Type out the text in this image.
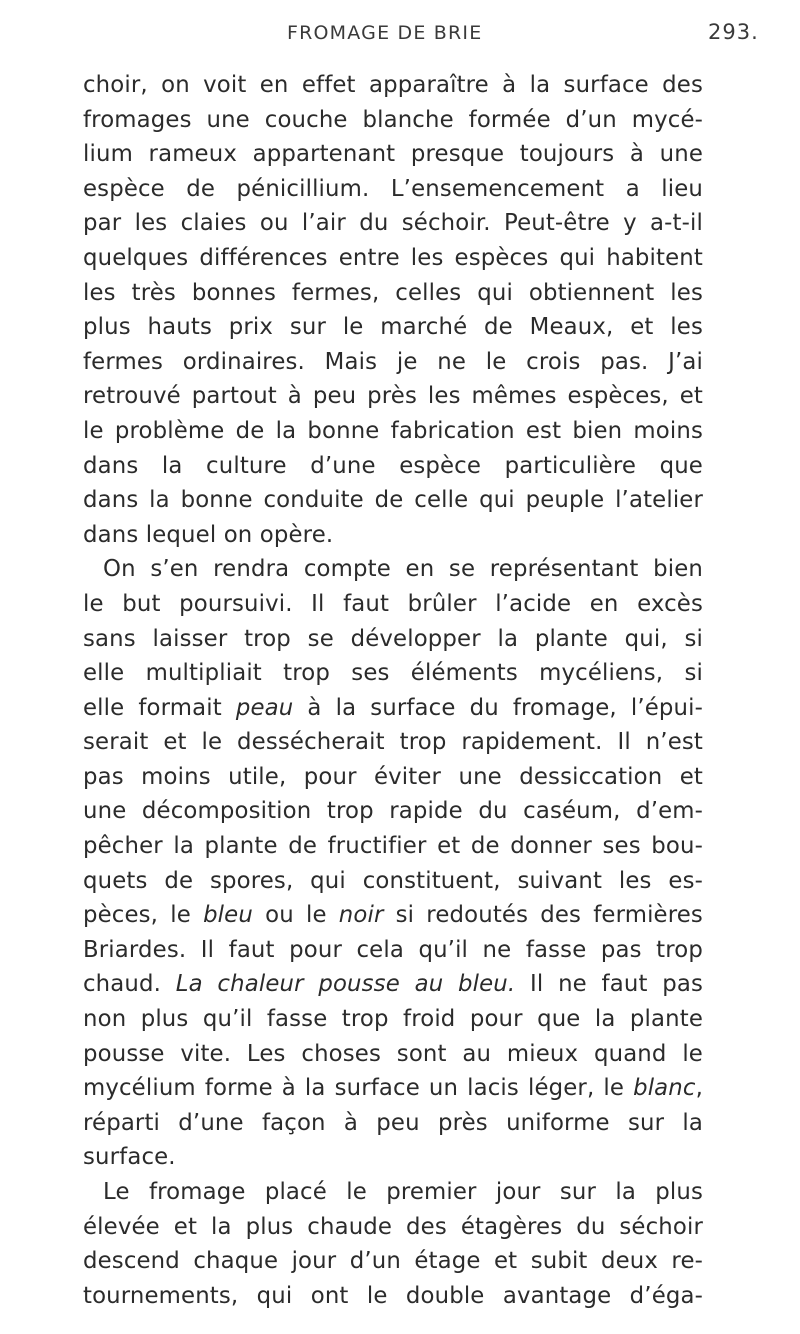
FROMAGE DE BRIE	293.
choir, on voit en effet apparaître à la surface des
fromages une couche blanche formée d’un mycé-
lium rameux appartenant presque toujours à une
espèce de pénicillium. L’ensemencement a lieu
par les claies ou l’air du séchoir. Peut-être y a-t-il
quelques différences entre les espèces qui habitent
les très bonnes fermes, celles qui obtiennent les
plus hauts prix sur le marché de Meaux, et les
fermes ordinaires. Mais je ne le crois pas. J’ai
retrouvé partout à peu près les mêmes espèces, et
le problème de la bonne fabrication est bien moins
dans la culture d’une espèce particulière que
dans la bonne conduite de celle qui peuple l’atelier
dans lequel on opère.
On s’en rendra compte en se représentant bien
le but poursuivi. Il faut brûler l’acide en excès
sans laisser trop se développer la plante qui, si
elle multipliait trop ses éléments mycéliens, si
elle formait peau à la surface du fromage, l’épui-
serait et le dessécherait trop rapidement. Il n’est
pas moins utile, pour éviter une dessiccation et
une décomposition trop rapide du caséum, d’em-
pêcher la plante de fructifier et de donner ses bou-
quets de spores, qui constituent, suivant les es-
pèces, le bleu ou le noir si redoutés des fermières
Briardes. Il faut pour cela qu’il ne fasse pas trop
chaud. La chaleur pousse au bleu. Il ne faut pas
non plus qu’il fasse trop froid pour que la plante
pousse vite. Les choses sont au mieux quand le
mycélium forme à la surface un lacis léger, le blanc,
réparti d’une façon à peu près uniforme sur la
surface.
Le fromage placé le premier jour sur la plus
élevée et la plus chaude des étagères du séchoir
descend chaque jour d’un étage et subit deux re-
tournements, qui ont le double avantage d’éga-
